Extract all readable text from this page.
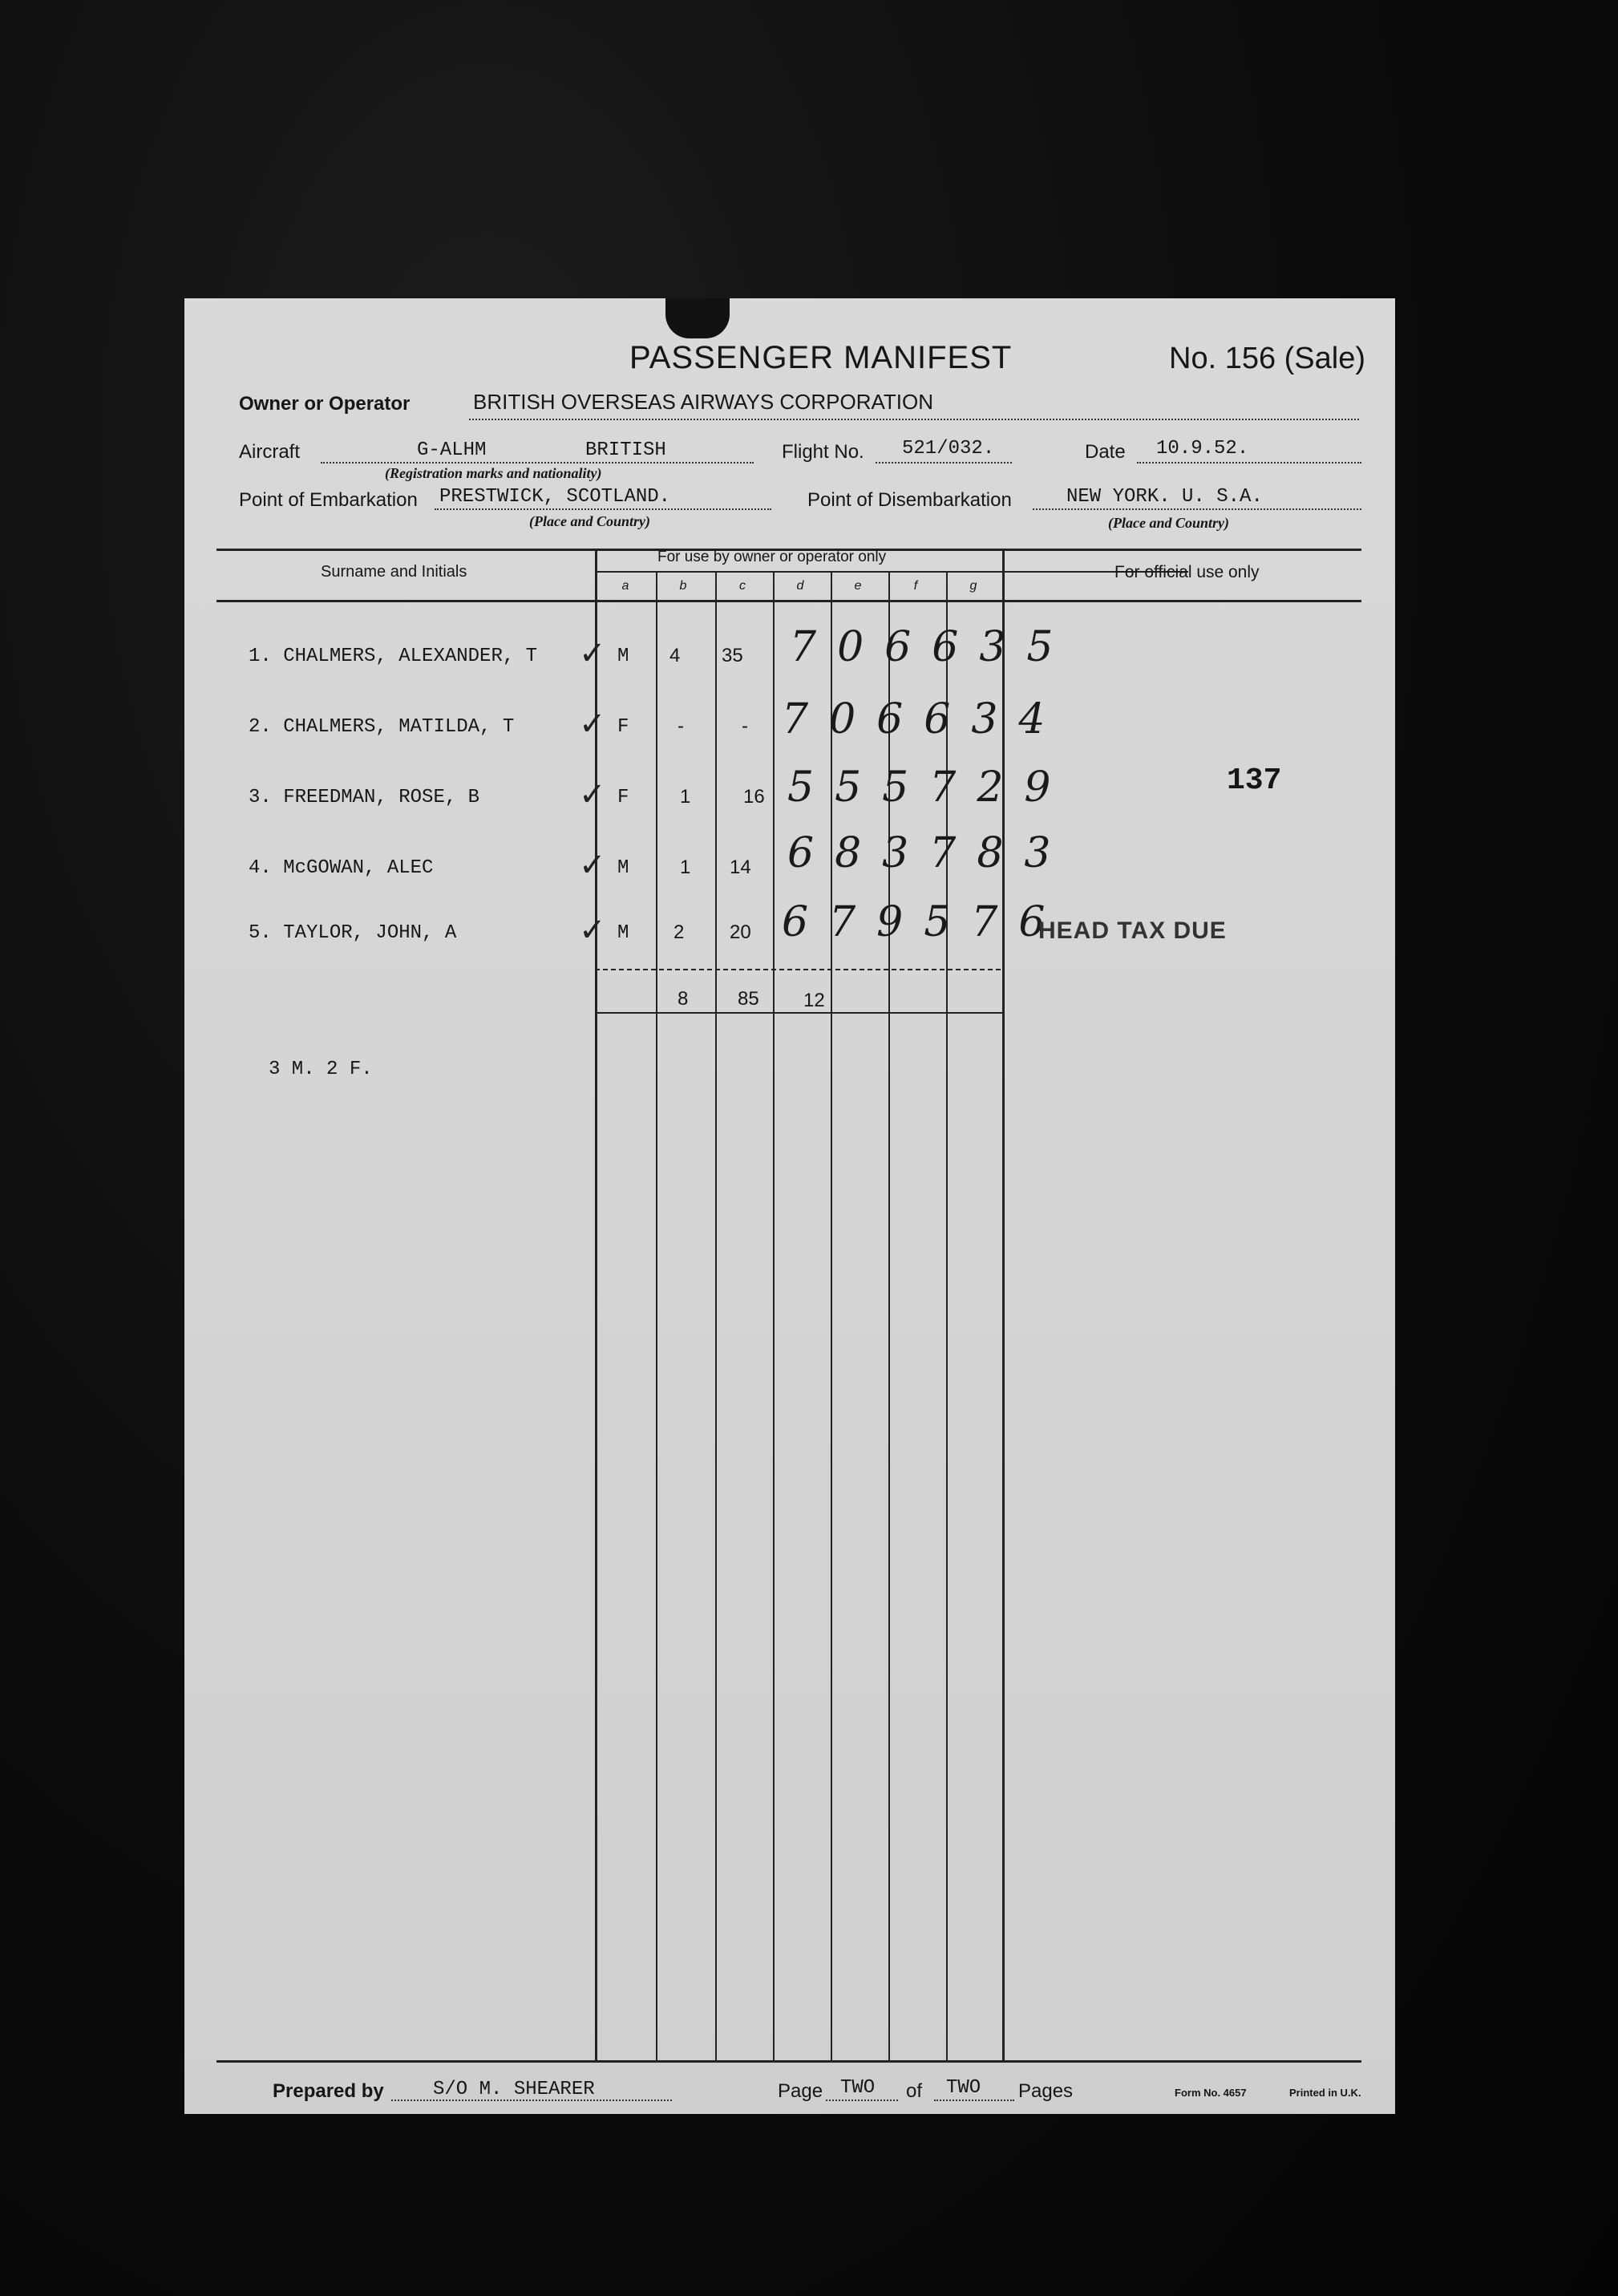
PASSENGER MANIFEST	No. 156 (Sale)
Owner or Operator	BRITISH OVERSEAS AIRWAYS CORPORATION
Aircraft	G-ALHM	BRITISH
(Registration marks and nationality)
Flight No. 521/032.	Date 10.9.52.
Point of Embarkation PRESTWICK, SCOTLAND.
(Place and Country)
Point of Disembarkation	NEW YORK. U. S.A.
(Place and Country)
Surname and Initials
For use by owner or operator only
For official use only
a	b	c	d	e	f	g
1. CHALMERS, ALEXANDER, T ✓ M 4 35 706635
2. CHALMERS, MATILDA, T ✓ F	-	- 706634
3. FREEDMAN, ROSE, B	✓ F	1	16 555729
4. McGOWAN, ALEC	✓ M	1 14 683783
5. TAYLOR, JOHN, A	✓ M 2 20 679576
8	85 12
3 M. 2 F.
137
HEAD TAX DUE
Prepared by	S/O M. SHEARER	Page TWO of TWO Pages	Form No. 4657	Printed in U.K.
